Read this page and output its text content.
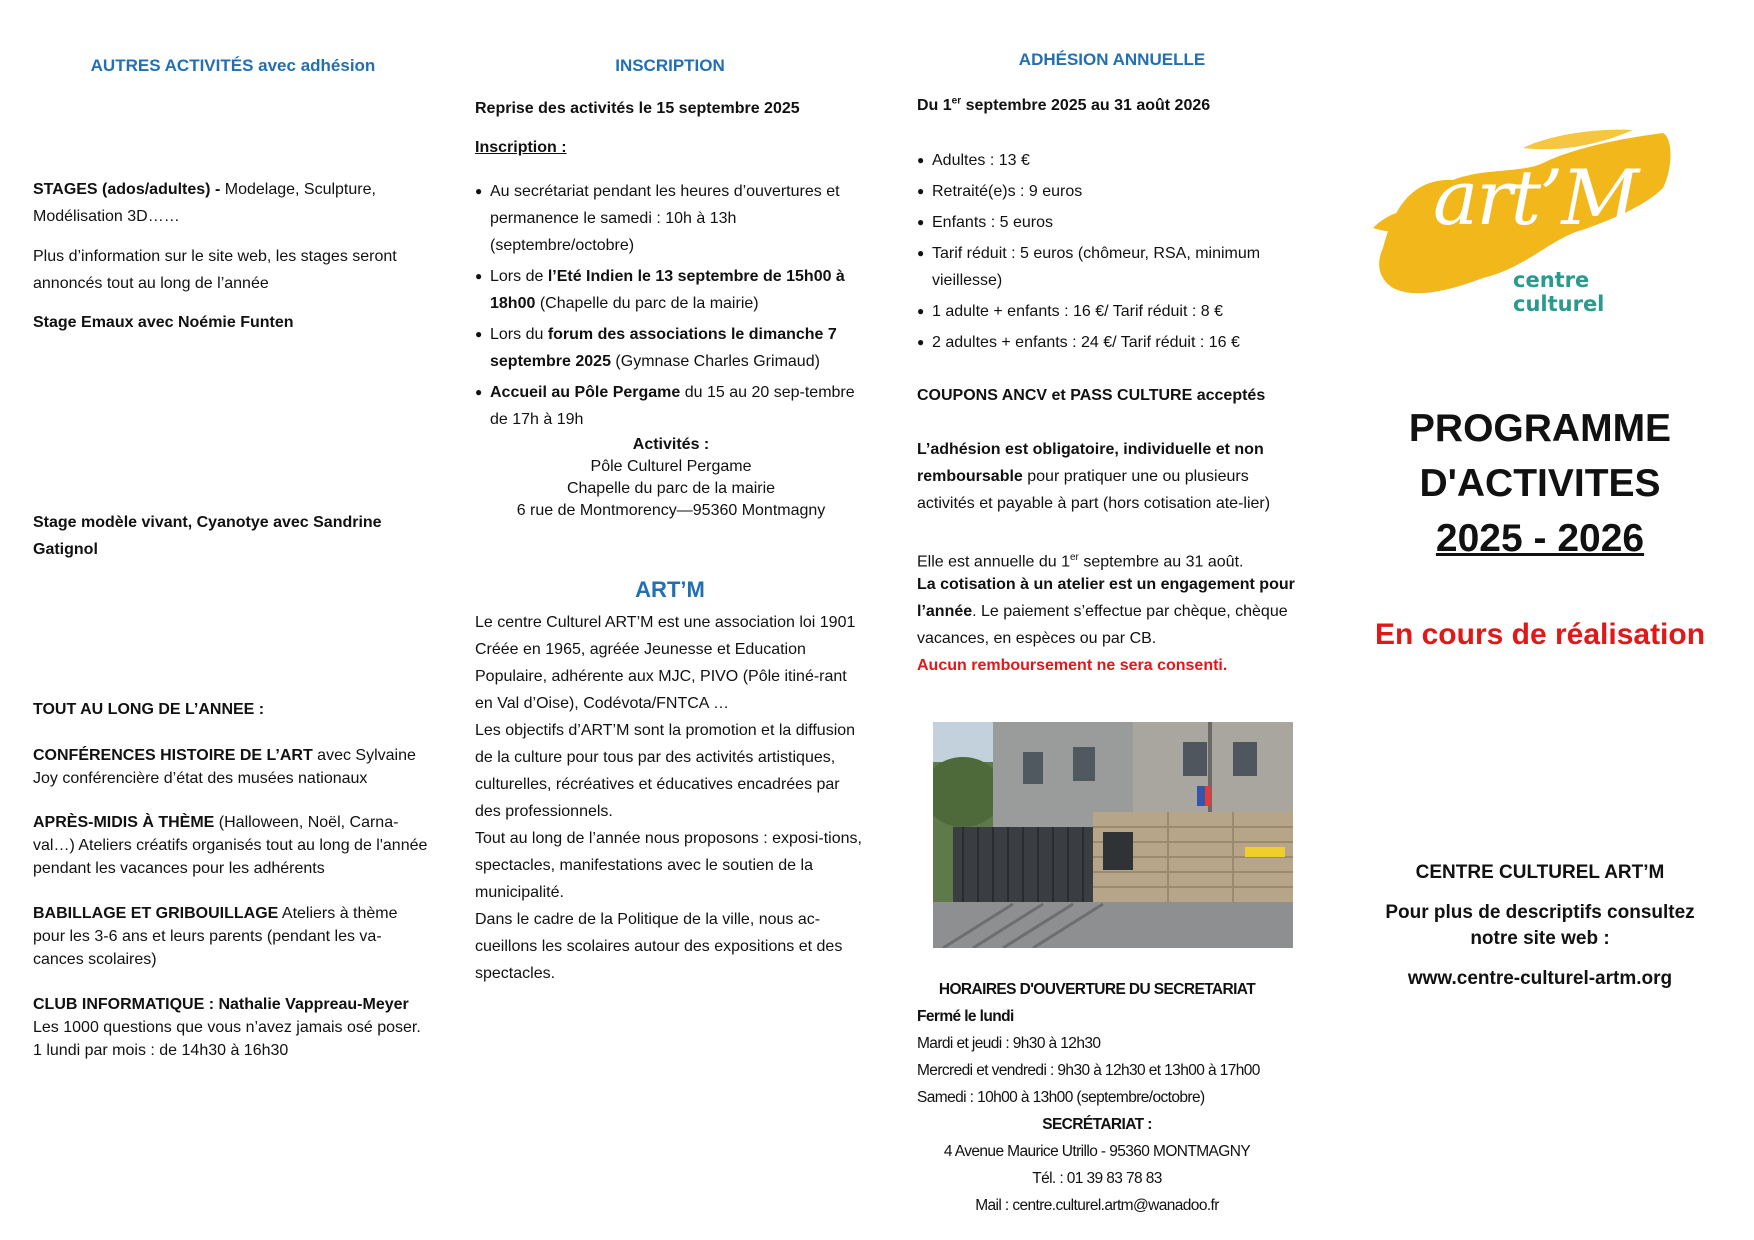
AUTRES ACTIVITÉS avec adhésion

STAGES (ados/adultes) - Modelage, Sculpture, Modélisation 3D……

Plus d’information sur le site web, les stages seront annoncés tout au long de l’année

Stage Emaux avec Noémie Funten

Stage modèle vivant, Cyanotye avec Sandrine Gatignol

TOUT AU LONG DE L’ANNEE :

CONFÉRENCES HISTOIRE DE L’ART avec Sylvaine Joy conférencière d’état des musées nationaux

APRÈS-MIDIS À THÈME (Halloween, Noël, Carna-val…) Ateliers créatifs organisés tout au long de l'année pendant les vacances pour les adhérents

BABILLAGE ET GRIBOUILLAGE Ateliers à thème pour les 3-6 ans et leurs parents (pendant les va-cances scolaires)

CLUB INFORMATIQUE : Nathalie Vappreau-Meyer
Les 1000 questions que vous n’avez jamais osé poser.
1 lundi par mois : de 14h30 à 16h30

INSCRIPTION

Reprise des activités le 15 septembre 2025

Inscription :

● Au secrétariat pendant les heures d’ouvertures et permanence le samedi : 10h à 13h (septembre/octobre)
● Lors de l’Eté Indien le 13 septembre de 15h00 à 18h00 (Chapelle du parc de la mairie)
● Lors du forum des associations le dimanche 7 septembre 2025 (Gymnase Charles Grimaud)
● Accueil au Pôle Pergame du 15 au 20 sep-tembre de 17h à 19h
Activités :
Pôle Culturel Pergame
Chapelle du parc de la mairie
6 rue de Montmorency—95360 Montmagny
ART’M

Le centre Culturel ART’M est une association loi 1901

Créée en 1965, agréée Jeunesse et Education Populaire, adhérente aux MJC, PIVO (Pôle itiné-rant en Val d’Oise), Codévota/FNTCA …

Les objectifs d’ART’M sont la promotion et la diffusion de la culture pour tous par des activités artistiques, culturelles, récréatives et éducatives encadrées par des professionnels.

Tout au long de l’année nous proposons : exposi-tions, spectacles, manifestations avec le soutien de la municipalité.

Dans le cadre de la Politique de la ville, nous ac-cueillons les scolaires autour des expositions et des spectacles.

ADHÉSION ANNUELLE

Du 1er septembre 2025 au 31 août 2026

● Adultes : 13 €
● Retraité(e)s : 9 euros
● Enfants : 5 euros
● Tarif réduit : 5 euros (chômeur, RSA, minimum vieillesse)
● 1 adulte + enfants : 16 €/ Tarif réduit : 8 €
● 2 adultes + enfants : 24 €/ Tarif réduit : 16 €

COUPONS ANCV et PASS CULTURE acceptés

L’adhésion est obligatoire, individuelle et non remboursable pour pratiquer une ou plusieurs activités et payable à part (hors cotisation ate-lier)

Elle est annuelle du 1er septembre au 31 août.

La cotisation à un atelier est un engagement pour l’année. Le paiement s’effectue par chèque, chèque vacances, en espèces ou par CB.

Aucun remboursement ne sera consenti.

HORAIRES D'OUVERTURE DU SECRETARIAT
Fermé le lundi
Mardi et jeudi : 9h30 à 12h30
Mercredi et vendredi : 9h30 à 12h30 et 13h00 à 17h00
Samedi : 10h00 à 13h00 (septembre/octobre)
SECRÉTARIAT :
4 Avenue Maurice Utrillo - 95360 MONTMAGNY
Tél. : 01 39 83 78 83
Mail : centre.culturel.artm@wanadoo.fr
art’M
centre culturel
PROGRAMME
D'ACTIVITES
2025 - 2026
En cours de réalisation
CENTRE CULTUREL ART’M
Pour plus de descriptifs consultez notre site web :
www.centre-culturel-artm.org
